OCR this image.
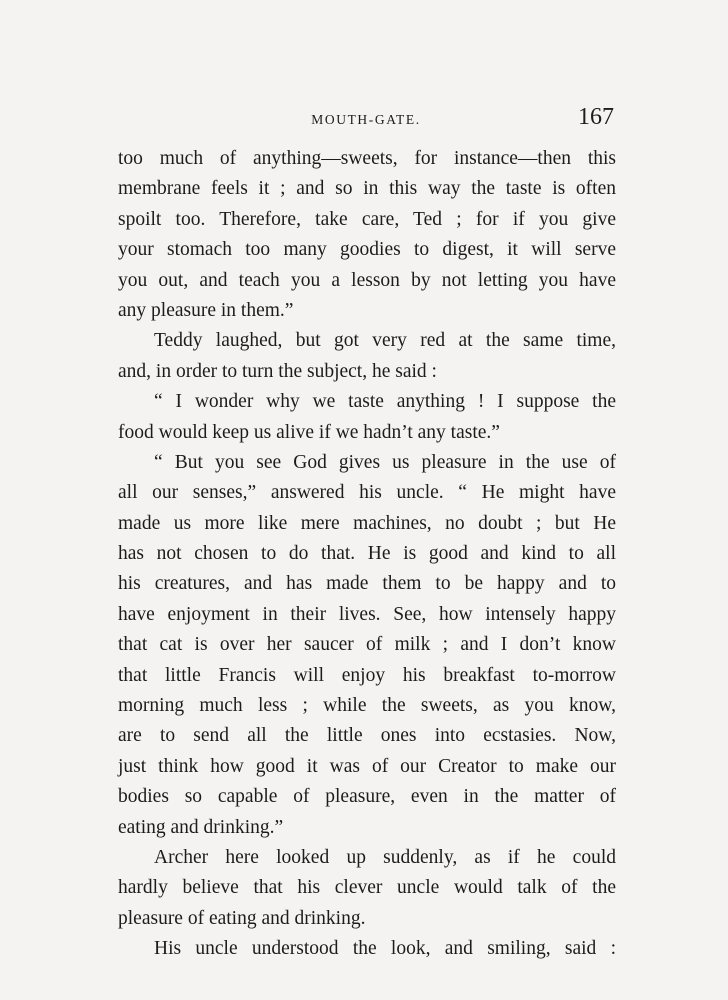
MOUTH-GATE.	167
too much of anything—sweets, for instance—then this
membrane feels it ; and so in this way the taste is often
spoilt too. Therefore, take care, Ted ; for if you give
your stomach too many goodies to digest, it will serve
you out, and teach you a lesson by not letting you have
any pleasure in them.”
Teddy laughed, but got very red at the same time,
and, in order to turn the subject, he said :
“ I wonder why we taste anything ! I suppose the
food would keep us alive if we hadn’t any taste.”
“ But you see God gives us pleasure in the use of
all our senses,” answered his uncle. “ He might have
made us more like mere machines, no doubt ; but He
has not chosen to do that. He is good and kind to all
his creatures, and has made them to be happy and to
have enjoyment in their lives. See, how intensely happy
that cat is over her saucer of milk ; and I don’t know
that little Francis will enjoy his breakfast to-morrow
morning much less ; while the sweets, as you know,
are to send all the little ones into ecstasies. Now,
just think how good it was of our Creator to make our
bodies so capable of pleasure, even in the matter of
eating and drinking.”
Archer here looked up suddenly, as if he could
hardly believe that his clever uncle would talk of the
pleasure of eating and drinking.
His uncle understood the look, and smiling, said :
